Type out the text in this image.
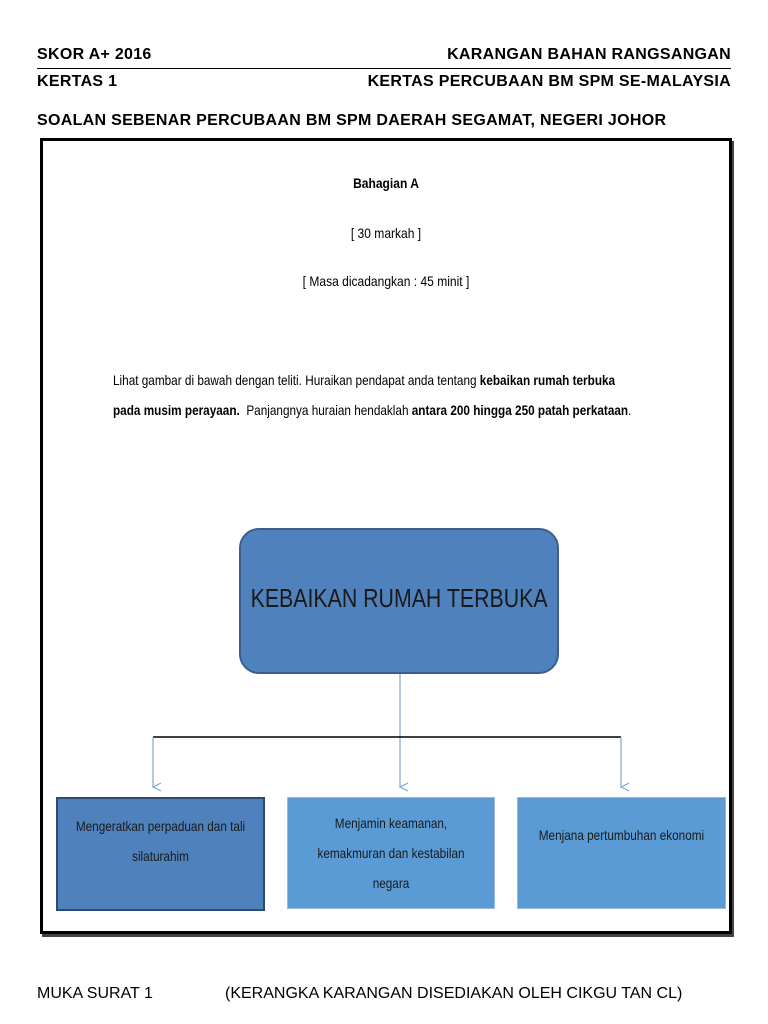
SKOR A+ 2016	KARANGAN BAHAN RANGSANGAN
KERTAS 1	KERTAS PERCUBAAN BM SPM SE-MALAYSIA
SOALAN SEBENAR PERCUBAAN BM SPM DAERAH SEGAMAT, NEGERI JOHOR
Bahagian A
[ 30 markah ]
[ Masa dicadangkan : 45 minit ]
Lihat gambar di bawah dengan teliti. Huraikan pendapat anda tentang kebaikan rumah terbuka
pada musim perayaan.  Panjangnya huraian hendaklah antara 200 hingga 250 patah perkataan.
KEBAIKAN RUMAH TERBUKA
Mengeratkan perpaduan dan tali silaturahim
Menjamin keamanan, kemakmuran dan kestabilan negara
Menjana pertumbuhan ekonomi
MUKA SURAT 1	(KERANGKA KARANGAN DISEDIAKAN OLEH CIKGU TAN CL)
